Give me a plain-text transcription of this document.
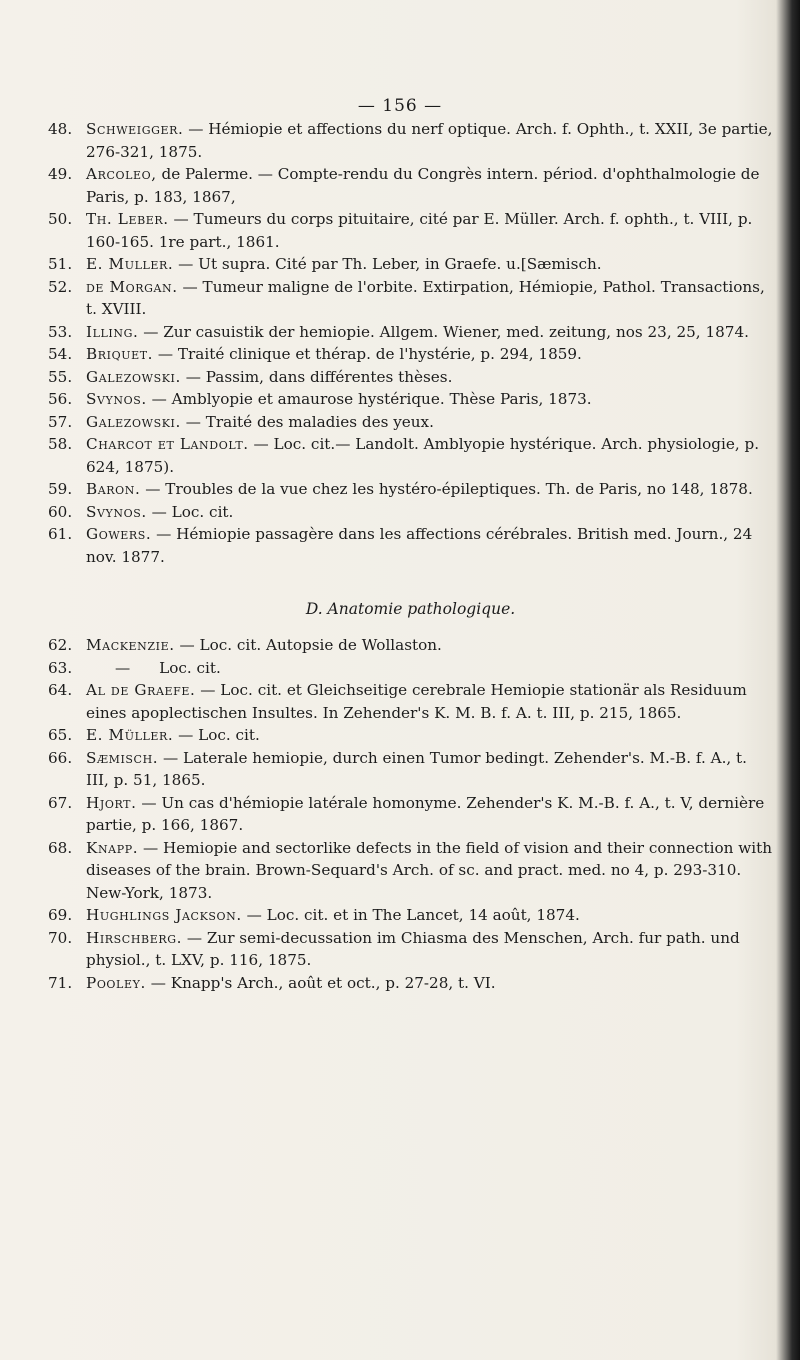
— 156 —

48. Schweigger. — Hémiopie et affections du nerf optique. Arch. f. Ophth., t. XXII, 3e partie, 276-321, 1875.

49. Arcoleo, de Palerme. — Compte-rendu du Congrès intern. périod. d'ophthalmologie de Paris, p. 183, 1867,

50. Th. Leber. — Tumeurs du corps pituitaire, cité par E. Müller. Arch. f. ophth., t. VIII, p. 160-165. 1re part., 1861.

51. E. Muller. — Ut supra. Cité par Th. Leber, in Graefe. u.[Sæmisch.

52. de Morgan. — Tumeur maligne de l'orbite. Extirpation, Hémiopie, Pathol. Transactions, t. XVIII.

53. Illing. — Zur casuistik der hemiopie. Allgem. Wiener, med. zeitung, nos 23, 25, 1874.

54. Briquet. — Traité clinique et thérap. de l'hystérie, p. 294, 1859.

55. Galezowski. — Passim, dans différentes thèses.

56. Svynos. — Amblyopie et amaurose hystérique. Thèse Paris, 1873.

57. Galezowski. — Traité des maladies des yeux.

58. Charcot et Landolt. — Loc. cit.— Landolt. Amblyopie hystérique. Arch. physiologie, p. 624, 1875).

59. Baron. — Troubles de la vue chez les hystéro-épileptiques. Th. de Paris, no 148, 1878.

60. Svynos. — Loc. cit.

61. Gowers. — Hémiopie passagère dans les affections cérébrales. British med. Journ., 24 nov. 1877.

D. Anatomie pathologique.

62. Mackenzie. — Loc. cit. Autopsie de Wollaston.

63. —      Loc. cit.

64. Al de Graefe. — Loc. cit. et Gleichseitige cerebrale Hemiopie stationär als Residuum eines apoplectischen Insultes. In Zehender's K. M. B. f. A. t. III, p. 215, 1865.

65. E. Müller. — Loc. cit.

66. Sæmisch. — Laterale hemiopie, durch einen Tumor bedingt. Zehender's. M.-B. f. A., t. III, p. 51, 1865.

67. Hjort. — Un cas d'hémiopie latérale homonyme. Zehender's K. M.-B. f. A., t. V, dernière partie, p. 166, 1867.

68. Knapp. — Hemiopie and sectorlike defects in the field of vision and their connection with diseases of the brain. Brown-Sequard's Arch. of sc. and pract. med. no 4, p. 293-310. New-York, 1873.

69. Hughlings Jackson. — Loc. cit. et in The Lancet, 14 août, 1874.

70. Hirschberg. — Zur semi-decussation im Chiasma des Menschen, Arch. fur path. und physiol., t. LXV, p. 116, 1875.

71. Pooley. — Knapp's Arch., août et oct., p. 27-28, t. VI.
